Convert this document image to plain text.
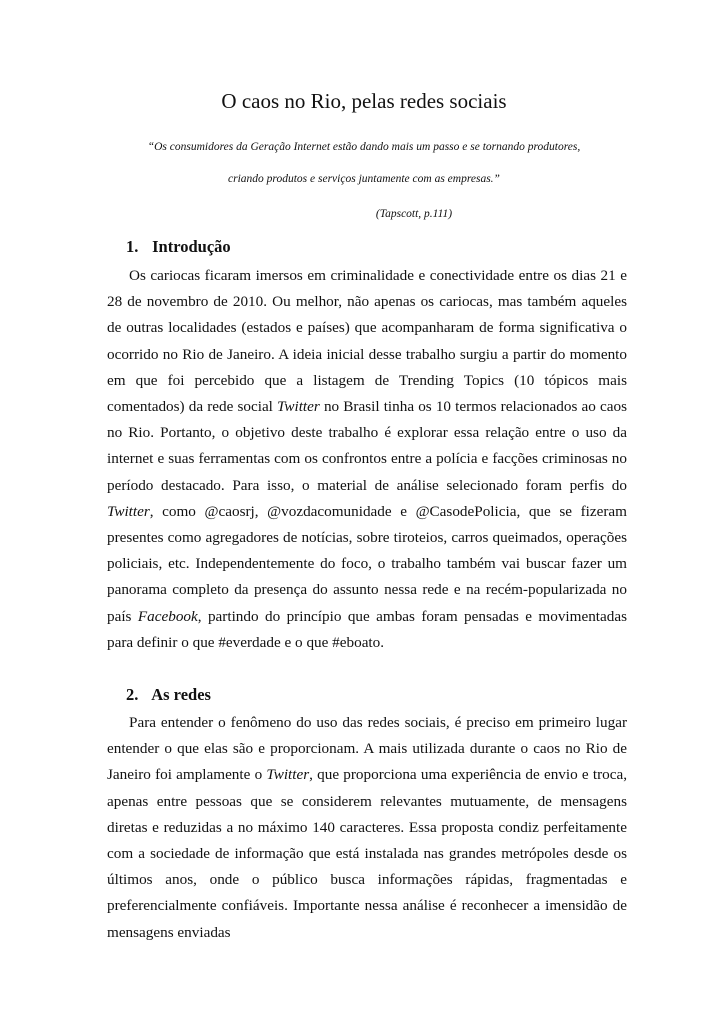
O caos no Rio, pelas redes sociais
“Os consumidores da Geração Internet estão dando mais um passo e se tornando produtores,
criando produtos e serviços juntamente com as empresas.”
(Tapscott, p.111)
1. Introdução

Os cariocas ficaram imersos em criminalidade e conectividade entre os dias 21 e 28 de novembro de 2010. Ou melhor, não apenas os cariocas, mas também aqueles de outras localidades (estados e países) que acompanharam de forma significativa o ocorrido no Rio de Janeiro. A ideia inicial desse trabalho surgiu a partir do momento em que foi percebido que a listagem de Trending Topics (10 tópicos mais comentados) da rede social Twitter no Brasil tinha os 10 termos relacionados ao caos no Rio. Portanto, o objetivo deste trabalho é explorar essa relação entre o uso da internet e suas ferramentas com os confrontos entre a polícia e facções criminosas no período destacado. Para isso, o material de análise selecionado foram perfis do Twitter, como @caosrj, @vozdacomunidade e @CasodePolicia, que se fizeram presentes como agregadores de notícias, sobre tiroteios, carros queimados, operações policiais, etc. Independentemente do foco, o trabalho também vai buscar fazer um panorama completo da presença do assunto nessa rede e na recém-popularizada no país Facebook, partindo do princípio que ambas foram pensadas e movimentadas para definir o que #everdade e o que #eboato.

2. As redes

Para entender o fenômeno do uso das redes sociais, é preciso em primeiro lugar entender o que elas são e proporcionam. A mais utilizada durante o caos no Rio de Janeiro foi amplamente o Twitter, que proporciona uma experiência de envio e troca, apenas entre pessoas que se considerem relevantes mutuamente, de mensagens diretas e reduzidas a no máximo 140 caracteres. Essa proposta condiz perfeitamente com a sociedade de informação que está instalada nas grandes metrópoles desde os últimos anos, onde o público busca informações rápidas, fragmentadas e preferencialmente confiáveis. Importante nessa análise é reconhecer a imensidão de mensagens enviadas
